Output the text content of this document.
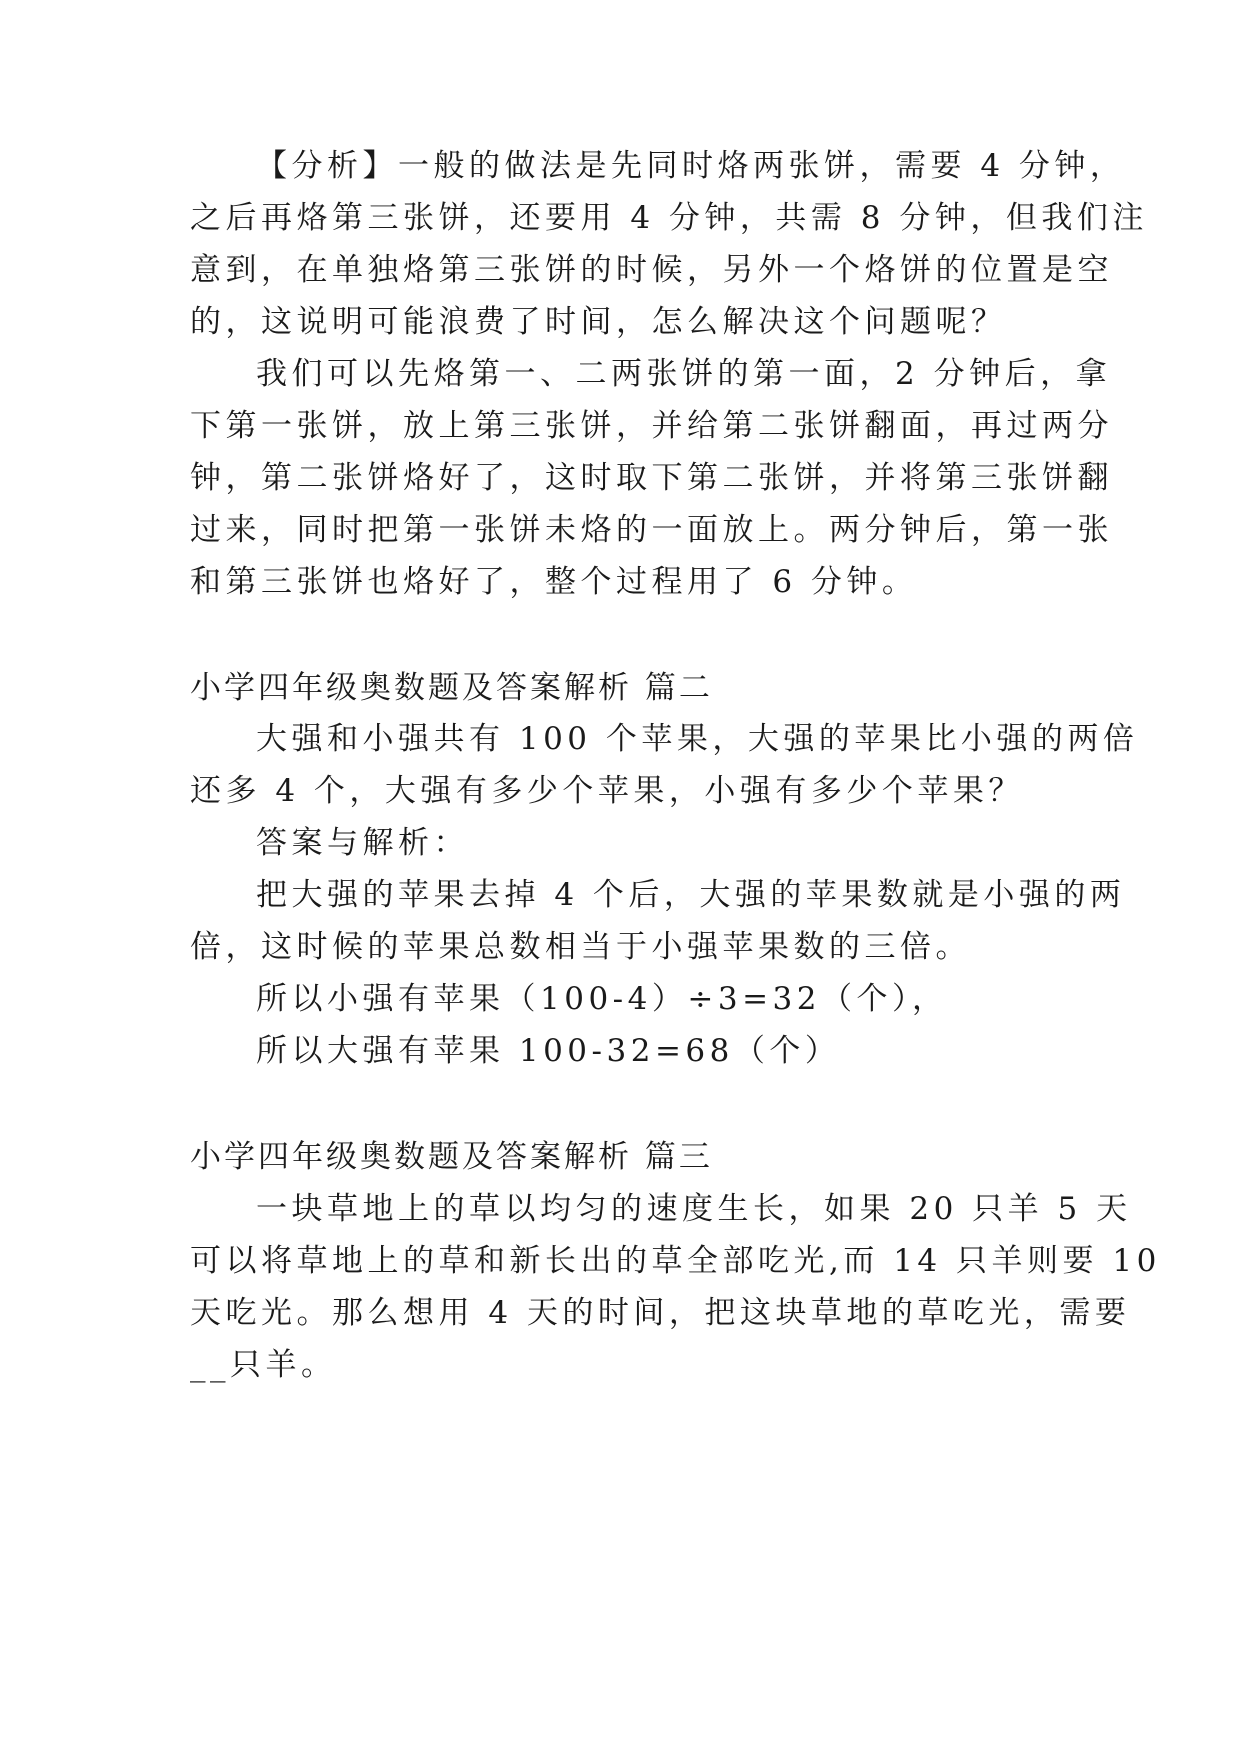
【分析】一般的做法是先同时烙两张饼，需要 4 分钟，
之后再烙第三张饼，还要用 4 分钟，共需 8 分钟，但我们注
意到，在单独烙第三张饼的时候，另外一个烙饼的位置是空
的，这说明可能浪费了时间，怎么解决这个问题呢？
我们可以先烙第一、二两张饼的第一面，2 分钟后，拿
下第一张饼，放上第三张饼，并给第二张饼翻面，再过两分
钟，第二张饼烙好了，这时取下第二张饼，并将第三张饼翻
过来，同时把第一张饼未烙的一面放上。两分钟后，第一张
和第三张饼也烙好了，整个过程用了 6 分钟。
小学四年级奥数题及答案解析 篇二
大强和小强共有 100 个苹果，大强的苹果比小强的两倍
还多 4 个，大强有多少个苹果，小强有多少个苹果？
答案与解析：
把大强的苹果去掉 4 个后，大强的苹果数就是小强的两
倍，这时候的苹果总数相当于小强苹果数的三倍。
所以小强有苹果（100-4）÷3=32（个），
所以大强有苹果 100-32=68（个）
小学四年级奥数题及答案解析 篇三
一块草地上的草以均匀的速度生长，如果 20 只羊 5 天
可以将草地上的草和新长出的草全部吃光,而 14 只羊则要 10
天吃光。那么想用 4 天的时间，把这块草地的草吃光，需要
__只羊。
